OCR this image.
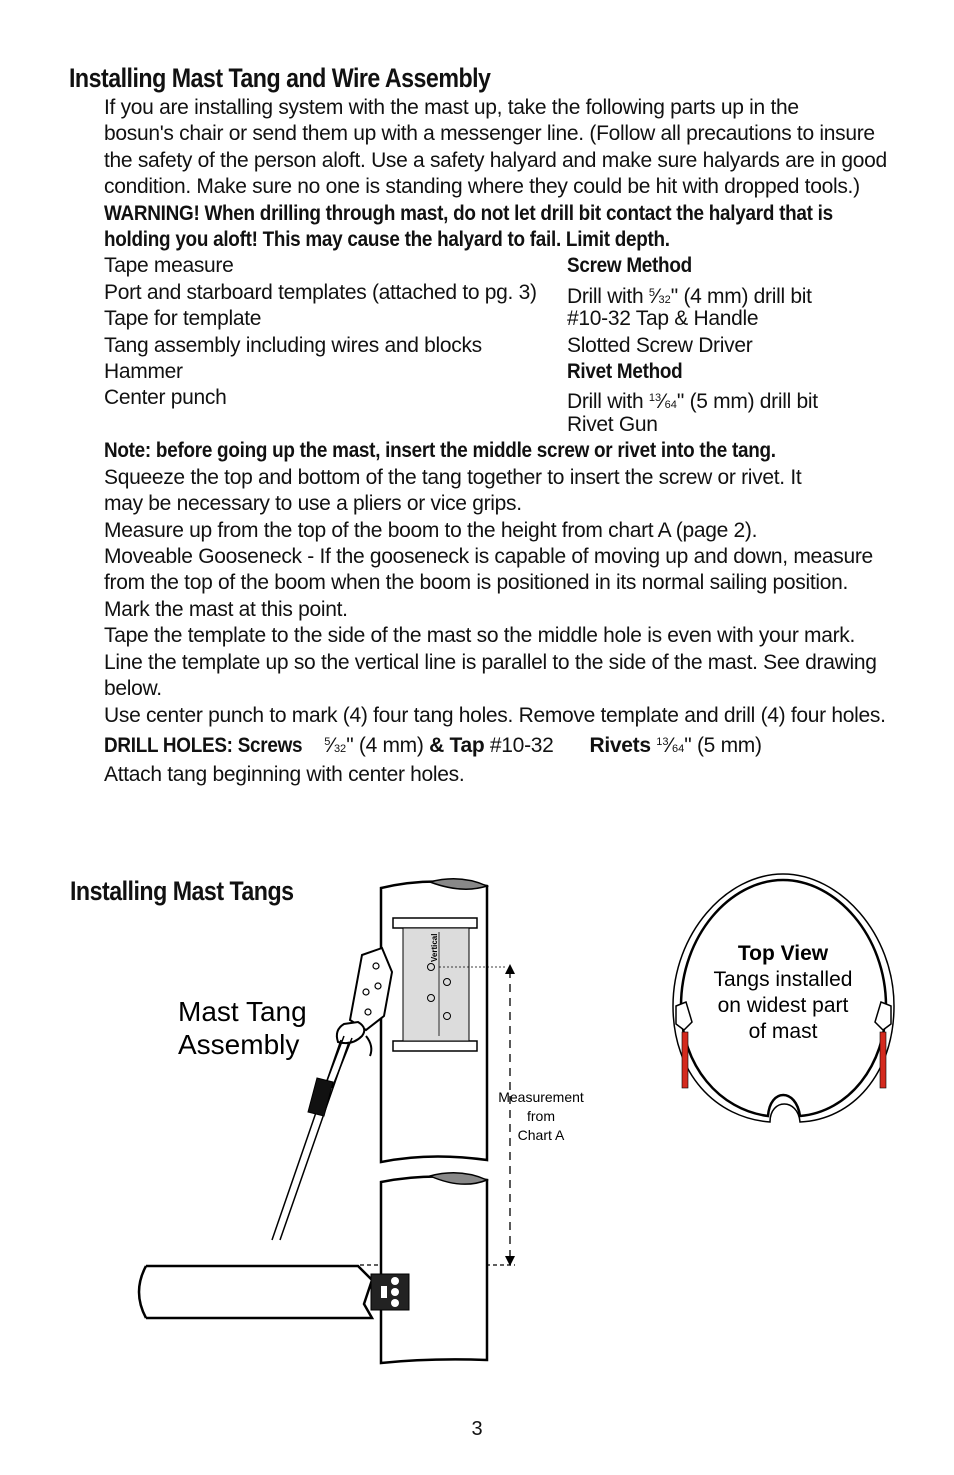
Installing Mast Tang and Wire Assembly

If you are installing system with the mast up, take the following parts up in the

bosun's chair or send them up with a messenger line. (Follow all precautions to insure

the safety of the person aloft. Use a safety halyard and make sure halyards are in good

condition. Make sure no one is standing where they could be hit with dropped tools.)

WARNING! When drilling through mast, do not let drill bit contact the halyard that is

holding you aloft! This may cause the halyard to fail. Limit depth.

Tape measure
Port and starboard templates (attached to pg. 3)
Tape for template
Tang assembly including wires and blocks
Hammer
Center punch
Screw Method
Drill with $^5$⁄32" (4 mm) drill bit
#10-32 Tap & Handle
Slotted Screw Driver
Rivet Method
Drill with $^{13}$⁄64" (5 mm) drill bit
Rivet Gun

Note: before going up the mast, insert the middle screw or rivet into the tang.

Squeeze the top and bottom of the tang together to insert the screw or rivet. It

may be necessary to use a pliers or vice grips.

Measure up from the top of the boom to the height from chart A (page 2).

Moveable Gooseneck - If the gooseneck is capable of moving up and down, measure

from the top of the boom when the boom is positioned in its normal sailing position.

Mark the mast at this point.

Tape the template to the side of the mast so the middle hole is even with your mark.

Line the template up so the vertical line is parallel to the side of the mast. See drawing

below.

Use center punch to mark (4) four tang holes. Remove template and drill (4) four holes.

DRILL HOLES: Screws$^5$⁄32" (4 mm) & Tap #10-32 Rivets $^{13}$⁄64" (5 mm)

Attach tang beginning with center holes.

Installing Mast Tangs
Vertical
Measurement
from
Chart A
Mast Tang
Assembly
Top View
Tangs installed
on widest part
of mast
3
